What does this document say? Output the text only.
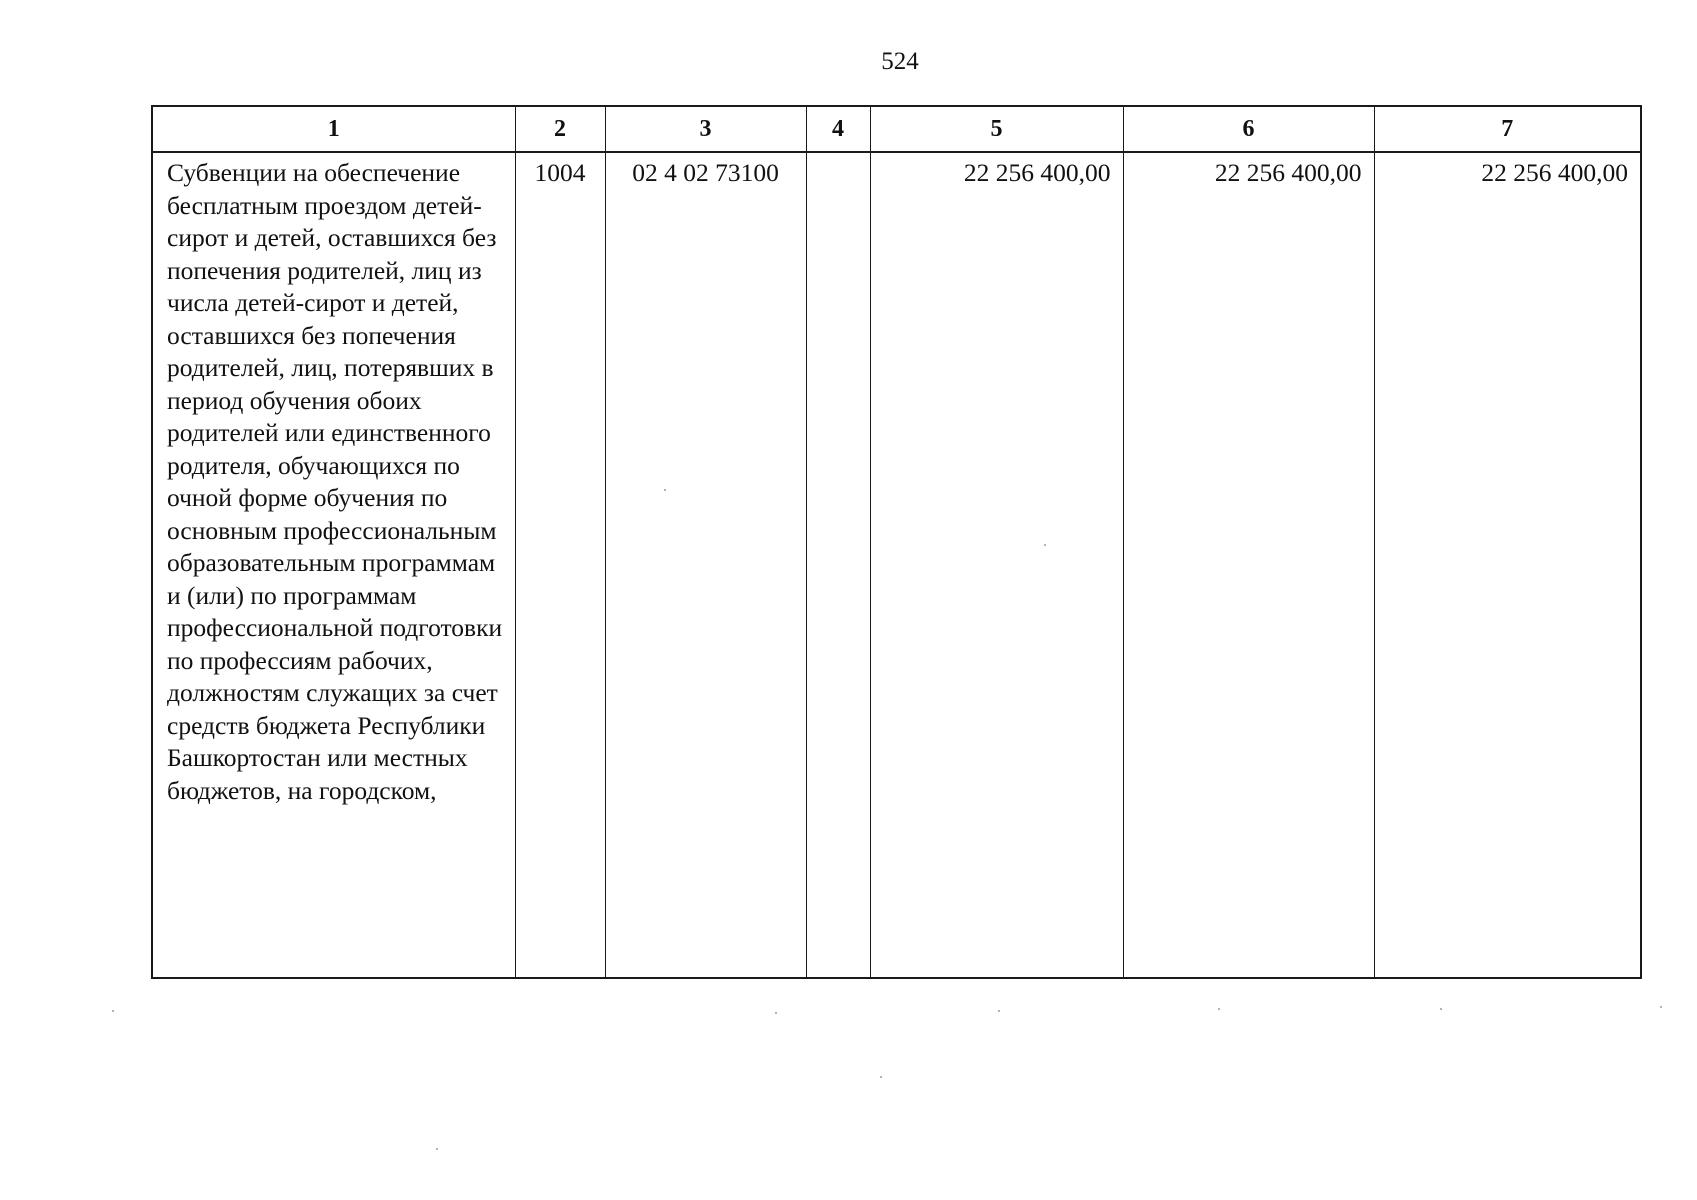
524
1	2	3	4	5	6	7
Субвенции на обеспечение бесплатным проездом детей-сирот и детей, оставшихся без попечения родителей, лиц из числа детей-сирот и детей, оставшихся без попечения родителей, лиц, потерявших в период обучения обоих родителей или единственного родителя, обучающихся по очной форме обучения по основным профессиональным образовательным программам и (или) по программам профессиональной подготовки по профессиям рабочих, должностям служащих за счет средств бюджета Республики Башкортостан или местных бюджетов, на городском,	1004	02 4 02 73100		22 256 400,00	22 256 400,00	22 256 400,00
